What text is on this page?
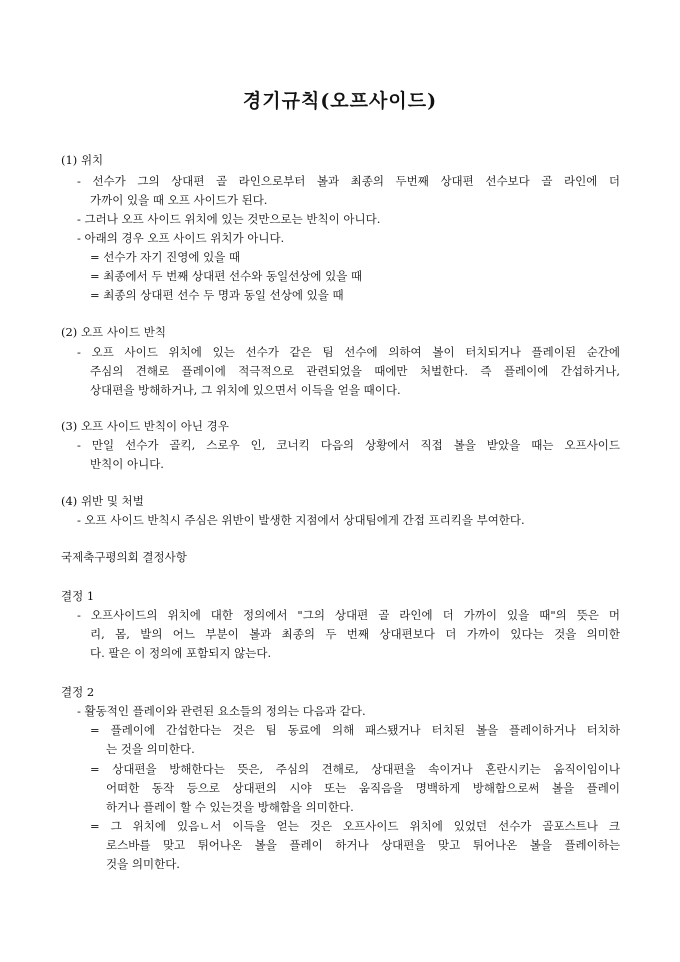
경기규칙(오프사이드)
(1) 위치
- 선수가 그의 상대편 골 라인으로부터 볼과 최종의 두번째 상대편 선수보다 골 라인에 더
가까이 있을 때 오프 사이드가 된다.
- 그러나 오프 사이드 위치에 있는 것만으로는 반칙이 아니다.
- 아래의 경우 오프 사이드 위치가 아니다.
= 선수가 자기 진영에 있을 때
= 최종에서 두 번째 상대편 선수와 동일선상에 있을 때
= 최종의 상대편 선수 두 명과 동일 선상에 있을 때
(2) 오프 사이드 반칙
- 오프 사이드 위치에 있는 선수가 같은 팀 선수에 의하여 볼이 터치되거나 플레이된 순간에
주심의 견해로 플레이에 적극적으로 관련되었을 때에만 처벌한다. 즉 플레이에 간섭하거나,
상대편을 방해하거나, 그 위치에 있으면서 이득을 얻을 때이다.
(3) 오프 사이드 반칙이 아닌 경우
- 만일 선수가 골킥, 스로우 인, 코너킥 다음의 상황에서 직접 볼을 받았을 때는 오프사이드
반칙이 아니다.
(4) 위반 및 처벌
- 오프 사이드 반칙시 주심은 위반이 발생한 지점에서 상대팀에게 간접 프리킥을 부여한다.
국제축구평의회 결정사항
결정 1
- 오프사이드의 위치에 대한 정의에서 "그의 상대편 골 라인에 더 가까이 있을 때"의 뜻은 머
리, 몸, 발의 어느 부분이 볼과 최종의 두 번째 상대편보다 더 가까이 있다는 것을 의미한
다. 팔은 이 정의에 포함되지 않는다.
결정 2
- 활동적인 플레이와 관련된 요소들의 정의는 다음과 같다.
= 플레이에 간섭한다는 것은 팀 동료에 의해 패스됐거나 터치된 볼을 플레이하거나 터치하
는 것을 의미한다.
= 상대편을 방해한다는 뜻은, 주심의 견해로, 상대편을 속이거나 혼란시키는 움직이임이나
어떠한 동작 등으로 상대편의 시야 또는 움직음을 명백하게 방해함으로써 볼을 플레이
하거나 플레이 할 수 있는것을 방해함을 의미한다.
= 그 위치에 있음ㄴ서 이득을 얻는 것은 오프사이드 위치에 있었던 선수가 골포스트나 크
로스바를 맞고 튀어나온 볼을 플레이 하거나 상대편을 맞고 튀어나온 볼을 플레이하는
것을 의미한다.
